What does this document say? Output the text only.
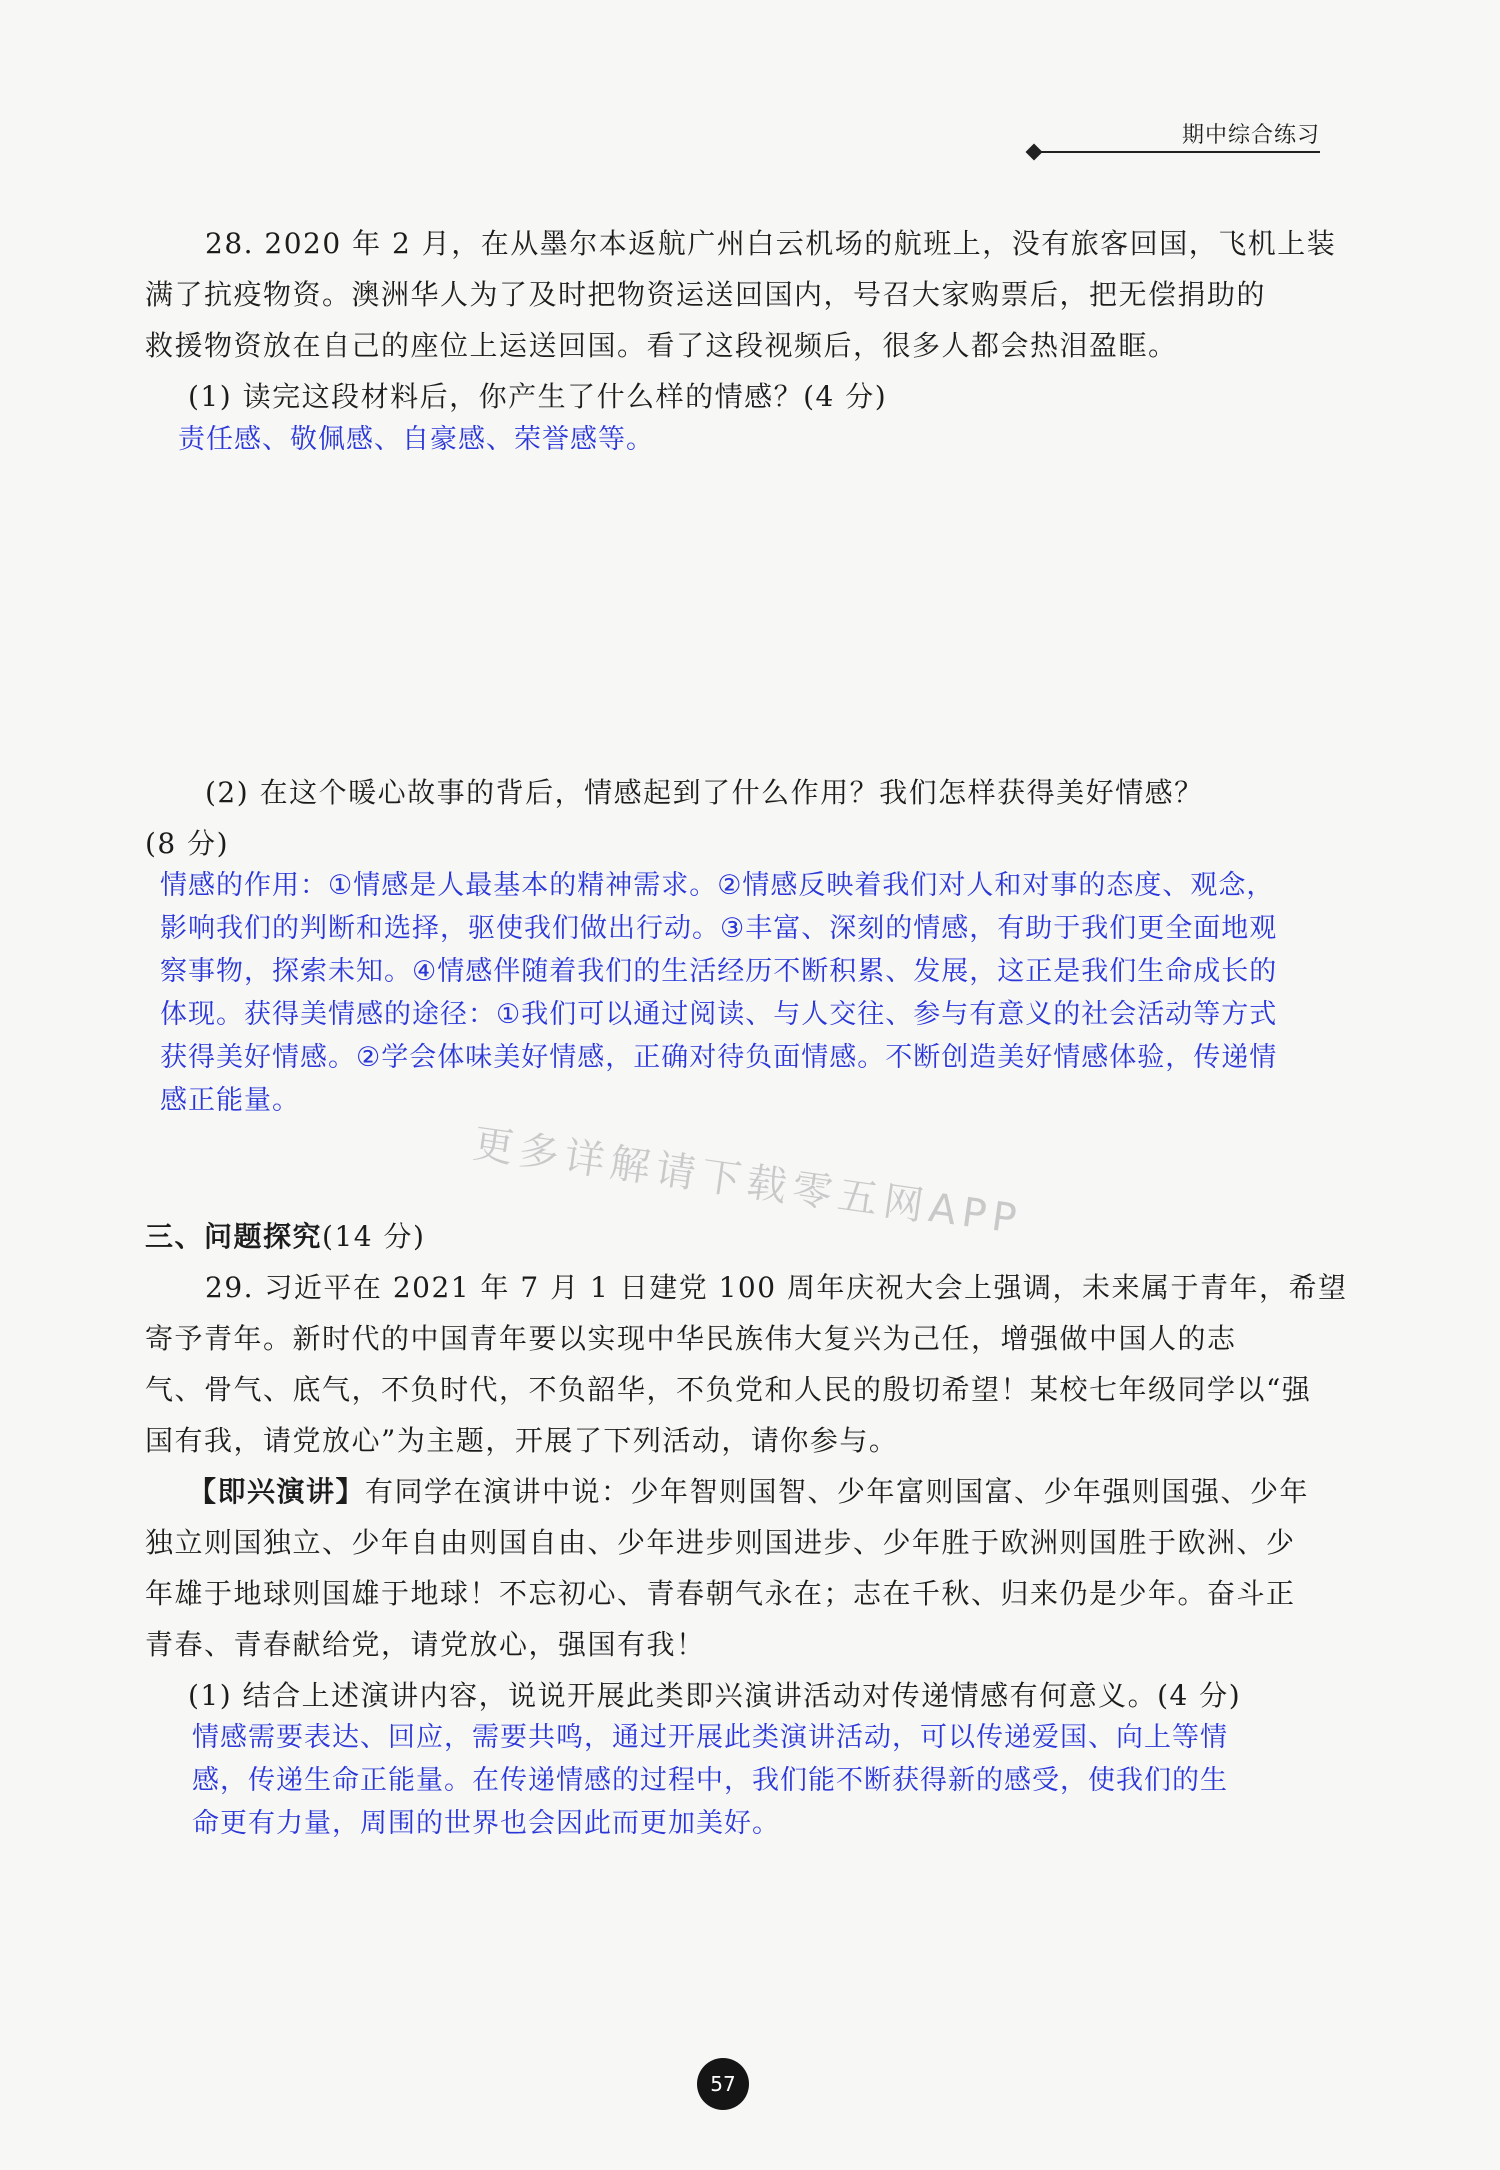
期中综合练习
28. 2020 年 2 月，在从墨尔本返航广州白云机场的航班上，没有旅客回国，飞机上装
满了抗疫物资。澳洲华人为了及时把物资运送回国内，号召大家购票后，把无偿捐助的
救援物资放在自己的座位上运送回国。看了这段视频后，很多人都会热泪盈眶。
(1) 读完这段材料后，你产生了什么样的情感？(4 分)
责任感、敬佩感、自豪感、荣誉感等。
(2) 在这个暖心故事的背后，情感起到了什么作用？我们怎样获得美好情感？
(8 分)
情感的作用：①情感是人最基本的精神需求。②情感反映着我们对人和对事的态度、观念，
影响我们的判断和选择，驱使我们做出行动。③丰富、深刻的情感，有助于我们更全面地观
察事物，探索未知。④情感伴随着我们的生活经历不断积累、发展，这正是我们生命成长的
体现。获得美情感的途径：①我们可以通过阅读、与人交往、参与有意义的社会活动等方式
获得美好情感。②学会体味美好情感，正确对待负面情感。不断创造美好情感体验，传递情
感正能量。
更多详解请下载零五网APP
三、问题探究(14 分)
29. 习近平在 2021 年 7 月 1 日建党 100 周年庆祝大会上强调，未来属于青年，希望
寄予青年。新时代的中国青年要以实现中华民族伟大复兴为己任，增强做中国人的志
气、骨气、底气，不负时代，不负韶华，不负党和人民的殷切希望！某校七年级同学以“强
国有我，请党放心”为主题，开展了下列活动，请你参与。
【即兴演讲】有同学在演讲中说：少年智则国智、少年富则国富、少年强则国强、少年
独立则国独立、少年自由则国自由、少年进步则国进步、少年胜于欧洲则国胜于欧洲、少
年雄于地球则国雄于地球！不忘初心、青春朝气永在；志在千秋、归来仍是少年。奋斗正
青春、青春献给党，请党放心，强国有我！
(1) 结合上述演讲内容，说说开展此类即兴演讲活动对传递情感有何意义。(4 分)
情感需要表达、回应，需要共鸣，通过开展此类演讲活动，可以传递爱国、向上等情
感，传递生命正能量。在传递情感的过程中，我们能不断获得新的感受，使我们的生
命更有力量，周围的世界也会因此而更加美好。
57
